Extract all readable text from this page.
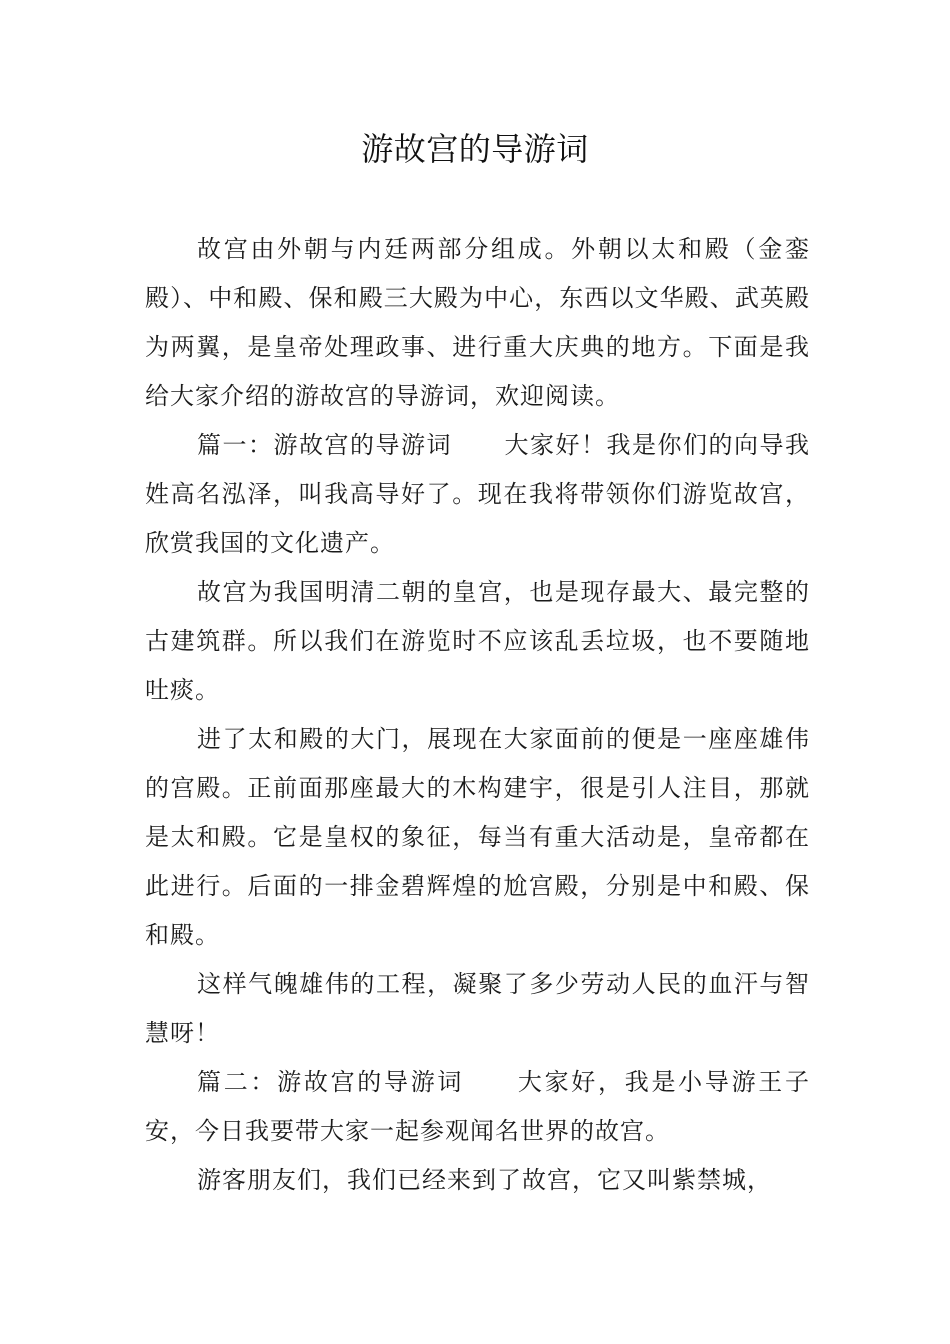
游故宫的导游词

故宫由外朝与内廷两部分组成。外朝以太和殿（金銮殿）、中和殿、保和殿三大殿为中心，东西以文华殿、武英殿为两翼，是皇帝处理政事、进行重大庆典的地方。下面是我给大家介绍的游故宫的导游词，欢迎阅读。

篇一：游故宫的导游词 大家好！我是你们的向导我姓高名泓泽，叫我高导好了。现在我将带领你们游览故宫，欣赏我国的文化遗产。

故宫为我国明清二朝的皇宫，也是现存最大、最完整的古建筑群。所以我们在游览时不应该乱丢垃圾，也不要随地吐痰。

进了太和殿的大门，展现在大家面前的便是一座座雄伟的宫殿。正前面那座最大的木构建宇，很是引人注目，那就是太和殿。它是皇权的象征，每当有重大活动是，皇帝都在此进行。后面的一排金碧辉煌的尬宫殿，分别是中和殿、保和殿。

这样气魄雄伟的工程，凝聚了多少劳动人民的血汗与智慧呀！

篇二：游故宫的导游词 大家好，我是小导游王子安，今日我要带大家一起参观闻名世界的故宫。

游客朋友们，我们已经来到了故宫，它又叫紫禁城，
